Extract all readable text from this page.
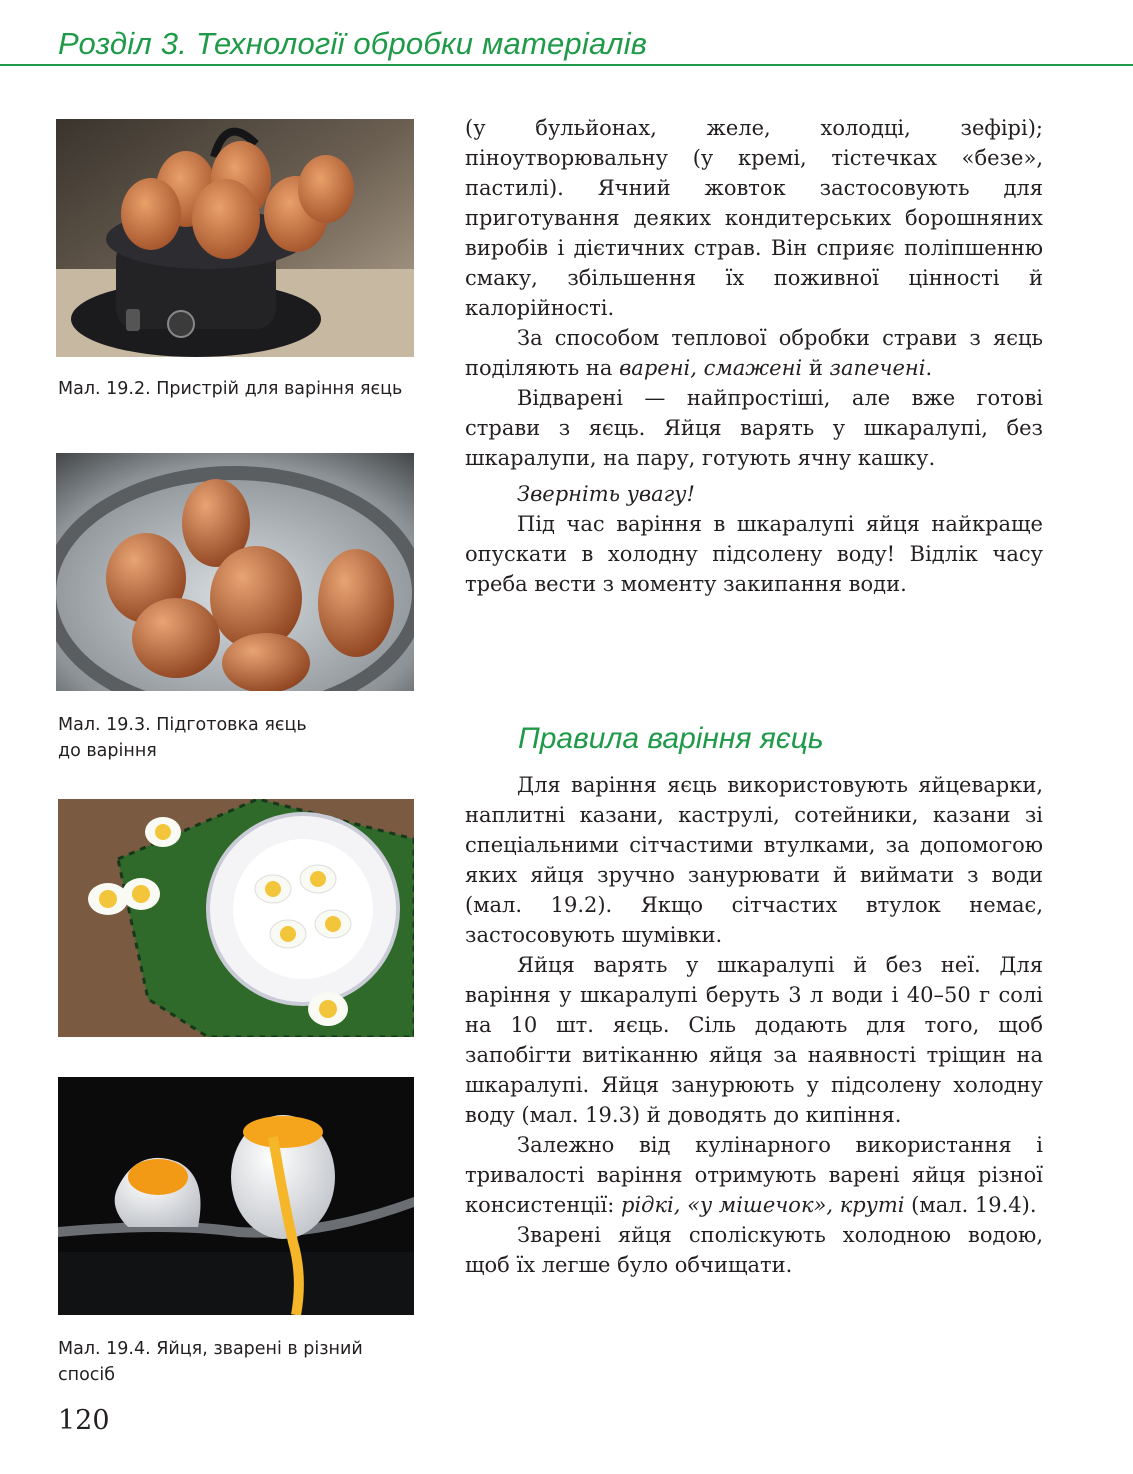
Розділ 3. Технології обробки матеріалів
Мал. 19.2. Пристрій для варіння яєць
Мал. 19.3. Підготовка яєць до варіння
Мал. 19.4. Яйця, зварені в різний спосіб

(у бульйонах, желе, холодці, зефірі); піноутворювальну (у кремі, тістечках «безе», пастилі). Ячний жовток застосовують для приготування деяких кондитерських борошняних виробів і дієтичних страв. Він сприяє поліпшенню смаку, збільшення їх поживної цінності й калорійності.

За способом теплової обробки страви з яєць поділяють на варені, смажені й запечені.

Відварені — найпростіші, але вже готові страви з яєць. Яйця варять у шкаралупі, без шкаралупи, на пару, готують ячну кашку.

Зверніть увагу!

Під час варіння в шкаралупі яйця найкраще опускати в холодну підсолену воду! Відлік часу треба вести з моменту закипання води.

Правила варіння яєць

Для варіння яєць використовують яйцеварки, наплитні казани, каструлі, сотейники, казани зі спеціальними сітчастими втулками, за допомогою яких яйця зручно занурювати й виймати з води (мал. 19.2). Якщо сітчастих втулок немає, застосовують шумівки.

Яйця варять у шкаралупі й без неї. Для варіння у шкаралупі беруть 3 л води і 40–50 г солі на 10 шт. яєць. Сіль додають для того, щоб запобігти витіканню яйця за наявності тріщин на шкаралупі. Яйця занурюють у підсолену холодну воду (мал. 19.3) й доводять до кипіння.

Залежно від кулінарного використання і тривалості варіння отримують варені яйця різної консистенції: рідкі, «у мішечок», круті (мал. 19.4).

Зварені яйця споліскують холодною водою, щоб їх легше було обчищати.

120
